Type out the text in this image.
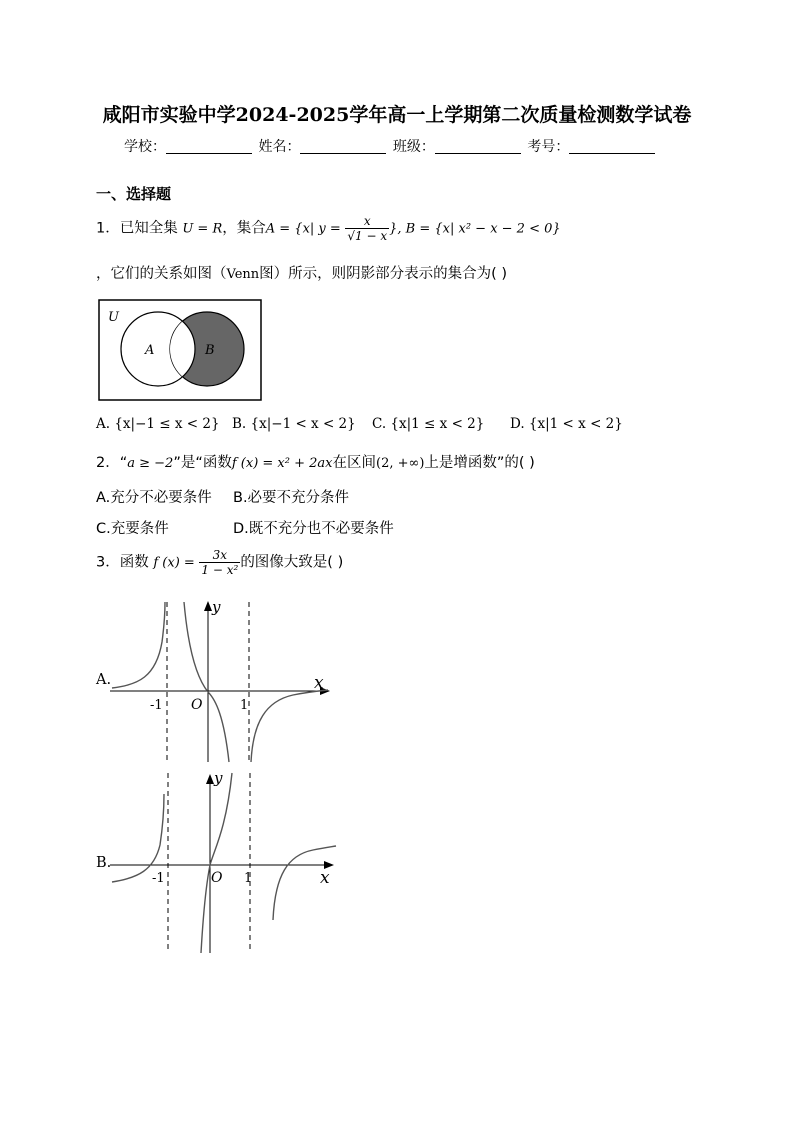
咸阳市实验中学2024-2025学年高一上学期第二次质量检测数学试卷
学校：	姓名：	班级：	考号：
一、选择题
1．已知全集 U = R，集合A = {x| $y = \frac{x}{√1 - x}$ }, B = {x| x² − x − 2 < 0}
，它们的关系如图（Venn图）所示，则阴影部分表示的集合为( )
U
A	B
A. {x|−1 ≤ x < 2} B. {x|−1 < x < 2} C. {x|1 ≤ x < 2} D. {x|1 < x < 2}
2．“a ≥ −2”是“函数f (x) = x² + 2ax在区间(2, +∞)上是增函数”的( )
A.充分不必要条件 B.必要不充分条件
C.充要条件	D.既不充分也不必要条件
3．函数 f $(x) = \frac{3x}{\text{1 − x²}}$ 的图像大致是( )
A.	x
y
O
-1	1
B.
x
y
O
-1	1
